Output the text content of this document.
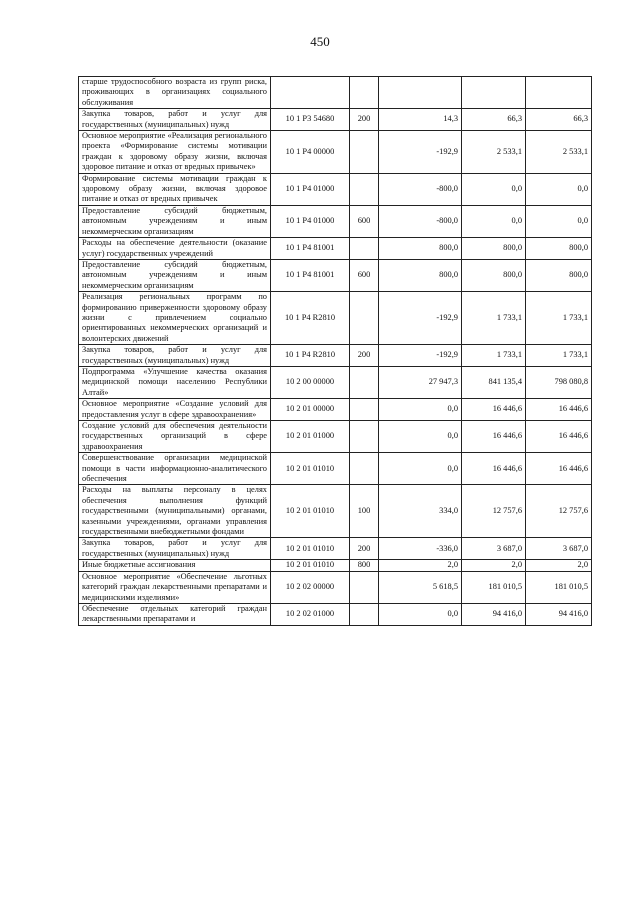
450
старше трудоспособного возраста из групп риска, проживающих в организациях социального обслуживания					
Закупка товаров, работ и услуг для государственных (муниципальных) нужд	10 1 P3 54680	200	14,3	66,3	66,3
Основное мероприятие «Реализация регионального проекта «Формирование системы мотивации граждан к здоровому образу жизни, включая здоровое питание и отказ от вредных привычек»	10 1 P4 00000		-192,9	2 533,1	2 533,1
Формирование системы мотивации граждан к здоровому образу жизни, включая здоровое питание и отказ от вредных привычек	10 1 P4 01000		-800,0	0,0	0,0
Предоставление субсидий бюджетным, автономным учреждениям и иным некоммерческим организациям	10 1 P4 01000	600	-800,0	0,0	0,0
Расходы на обеспечение деятельности (оказание услуг) государственных учреждений	10 1 P4 81001		800,0	800,0	800,0
Предоставление субсидий бюджетным, автономным учреждениям и иным некоммерческим организациям	10 1 P4 81001	600	800,0	800,0	800,0
Реализация региональных программ по формированию приверженности здоровому образу жизни с привлечением социально ориентированных некоммерческих организаций и волонтерских движений	10 1 P4 R2810		-192,9	1 733,1	1 733,1
Закупка товаров, работ и услуг для государственных (муниципальных) нужд	10 1 P4 R2810	200	-192,9	1 733,1	1 733,1
Подпрограмма «Улучшение качества оказания медицинской помощи населению Республики Алтай»	10 2 00 00000		27 947,3	841 135,4	798 080,8
Основное мероприятие «Создание условий для предоставления услуг в сфере здравоохранения»	10 2 01 00000		0,0	16 446,6	16 446,6
Создание условий для обеспечения деятельности государственных организаций в сфере здравоохранения	10 2 01 01000		0,0	16 446,6	16 446,6
Совершенствование организации медицинской помощи в части информационно-аналитического обеспечения	10 2 01 01010		0,0	16 446,6	16 446,6
Расходы на выплаты персоналу в целях обеспечения выполнения функций государственными (муниципальными) органами, казенными учреждениями, органами управления государственными внебюджетными фондами	10 2 01 01010	100	334,0	12 757,6	12 757,6
Закупка товаров, работ и услуг для государственных (муниципальных) нужд	10 2 01 01010	200	-336,0	3 687,0	3 687,0
Иные бюджетные ассигнования	10 2 01 01010	800	2,0	2,0	2,0
Основное мероприятие «Обеспечение льготных категорий граждан лекарственными препаратами и медицинскими изделиями»	10 2 02 00000		5 618,5	181 010,5	181 010,5
Обеспечение отдельных категорий граждан лекарственными препаратами и	10 2 02 01000		0,0	94 416,0	94 416,0
